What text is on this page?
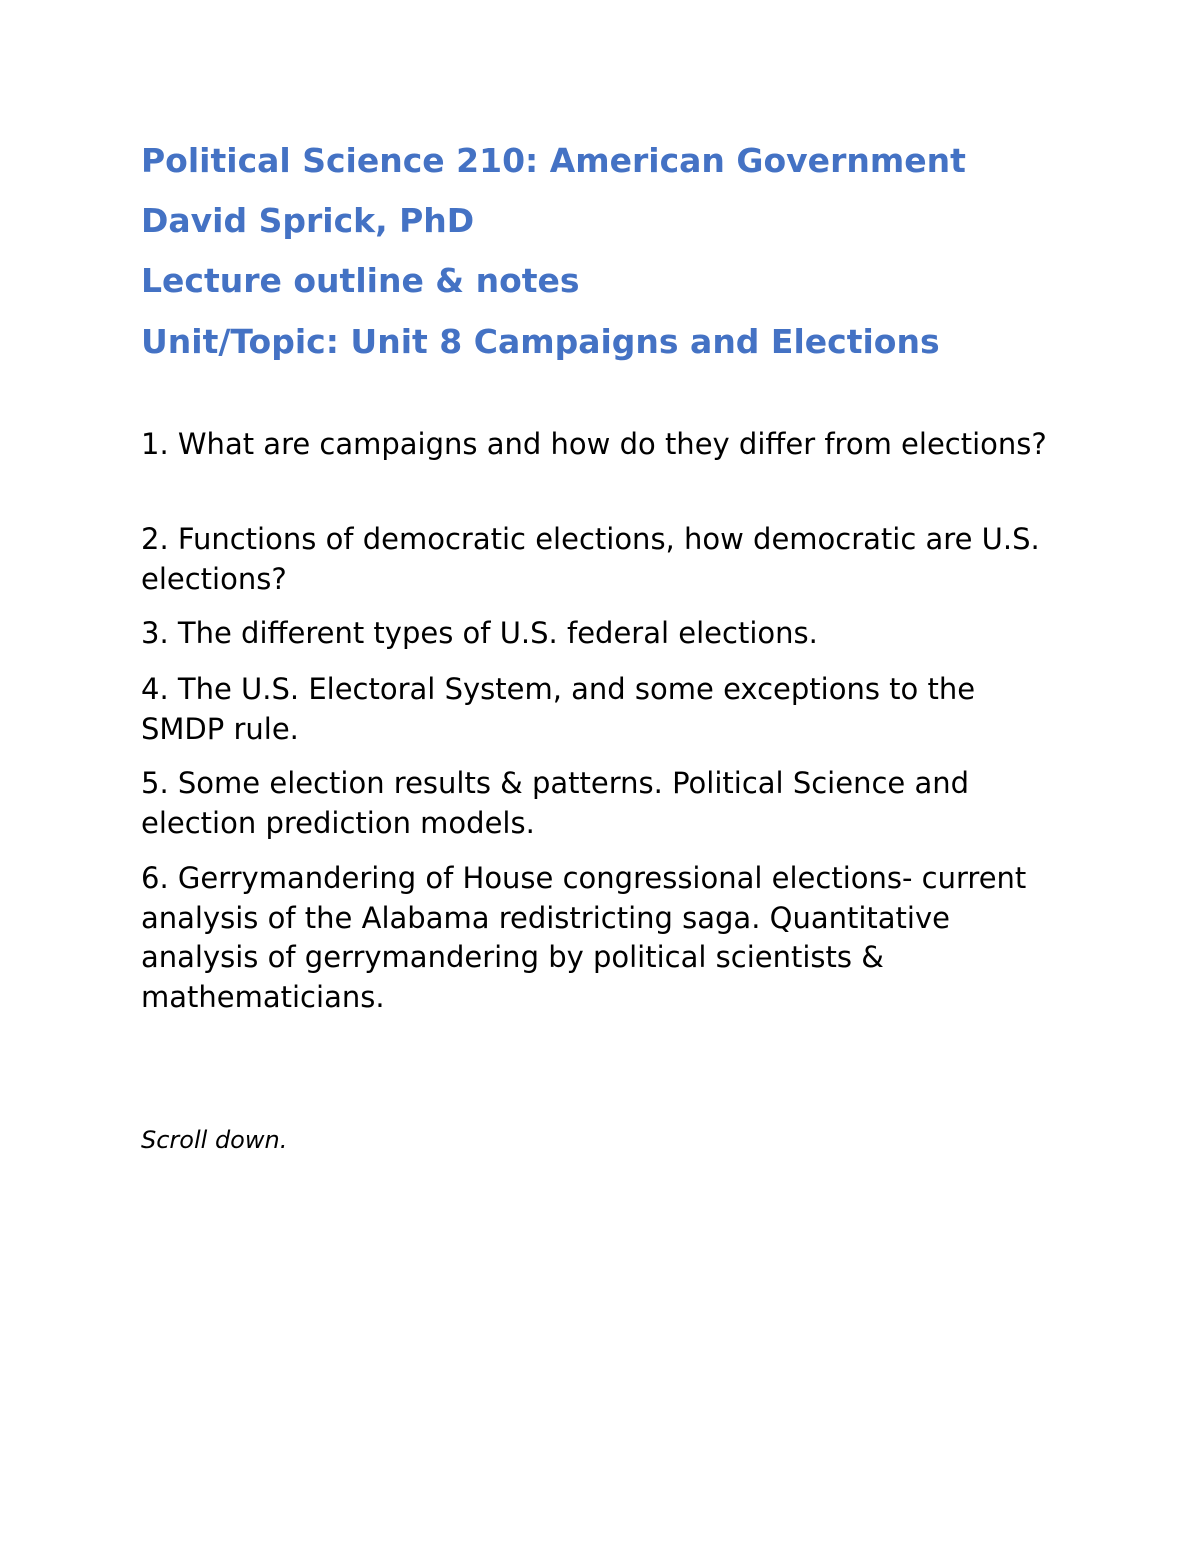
Political Science 210: American Government
David Sprick, PhD
Lecture outline & notes
Unit/Topic: Unit 8 Campaigns and Elections

1. What are campaigns and how do they differ from elections?

2. Functions of democratic elections, how democratic are U.S. elections?

3. The different types of U.S. federal elections.

4. The U.S. Electoral System, and some exceptions to the SMDP rule.

5. Some election results & patterns. Political Science and election prediction models.

6. Gerrymandering of House congressional elections- current analysis of the Alabama redistricting saga. Quantitative analysis of gerrymandering by political scientists & mathematicians.

Scroll down.
